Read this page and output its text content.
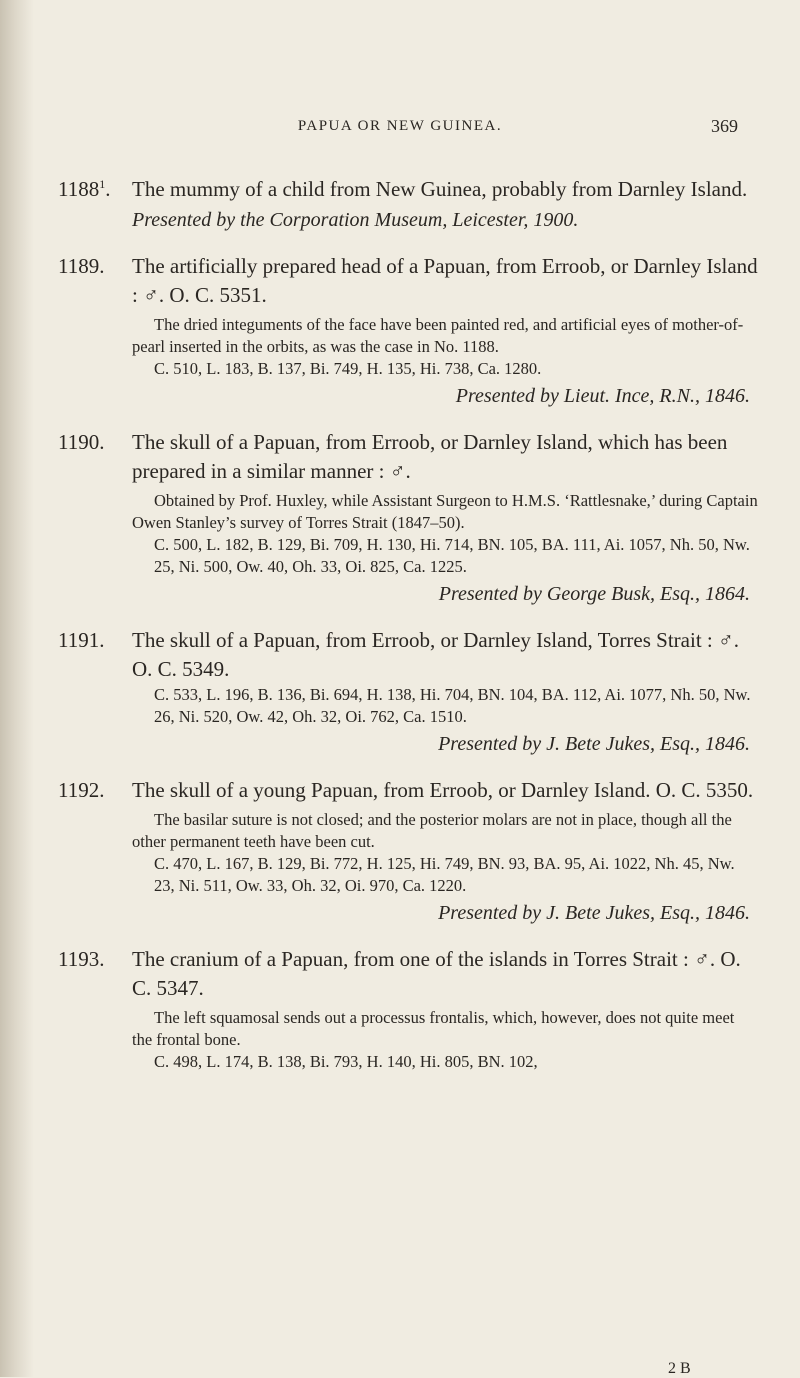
PAPUA OR NEW GUINEA.	369
1188$^1$. The mummy of a child from New Guinea, probably from Darnley Island.
Presented by the Corporation Museum, Leicester, 1900.
1189. The artificially prepared head of a Papuan, from Erroob, or Darnley Island : ♂. O. C. 5351.
The dried integuments of the face have been painted red, and artificial eyes of mother-of-pearl inserted in the orbits, as was the case in No. 1188.
C. 510, L. 183, B. 137, Bi. 749, H. 135, Hi. 738, Ca. 1280.
Presented by Lieut. Ince, R.N., 1846.
1190. The skull of a Papuan, from Erroob, or Darnley Island, which has been prepared in a similar manner : ♂.
Obtained by Prof. Huxley, while Assistant Surgeon to H.M.S. ‘Rattlesnake,’ during Captain Owen Stanley’s survey of Torres Strait (1847–50).
C. 500, L. 182, B. 129, Bi. 709, H. 130, Hi. 714, BN. 105, BA. 111, Ai. 1057, Nh. 50, Nw. 25, Ni. 500, Ow. 40, Oh. 33, Oi. 825, Ca. 1225.
Presented by George Busk, Esq., 1864.
1191. The skull of a Papuan, from Erroob, or Darnley Island, Torres Strait : ♂. O. C. 5349.
C. 533, L. 196, B. 136, Bi. 694, H. 138, Hi. 704, BN. 104, BA. 112, Ai. 1077, Nh. 50, Nw. 26, Ni. 520, Ow. 42, Oh. 32, Oi. 762, Ca. 1510.
Presented by J. Bete Jukes, Esq., 1846.
1192. The skull of a young Papuan, from Erroob, or Darnley Island. O. C. 5350.
The basilar suture is not closed; and the posterior molars are not in place, though all the other permanent teeth have been cut.
C. 470, L. 167, B. 129, Bi. 772, H. 125, Hi. 749, BN. 93, BA. 95, Ai. 1022, Nh. 45, Nw. 23, Ni. 511, Ow. 33, Oh. 32, Oi. 970, Ca. 1220.
Presented by J. Bete Jukes, Esq., 1846.
1193. The cranium of a Papuan, from one of the islands in Torres Strait : ♂. O. C. 5347.
The left squamosal sends out a processus frontalis, which, however, does not quite meet the frontal bone.
C. 498, L. 174, B. 138, Bi. 793, H. 140, Hi. 805, BN. 102,
2 B
